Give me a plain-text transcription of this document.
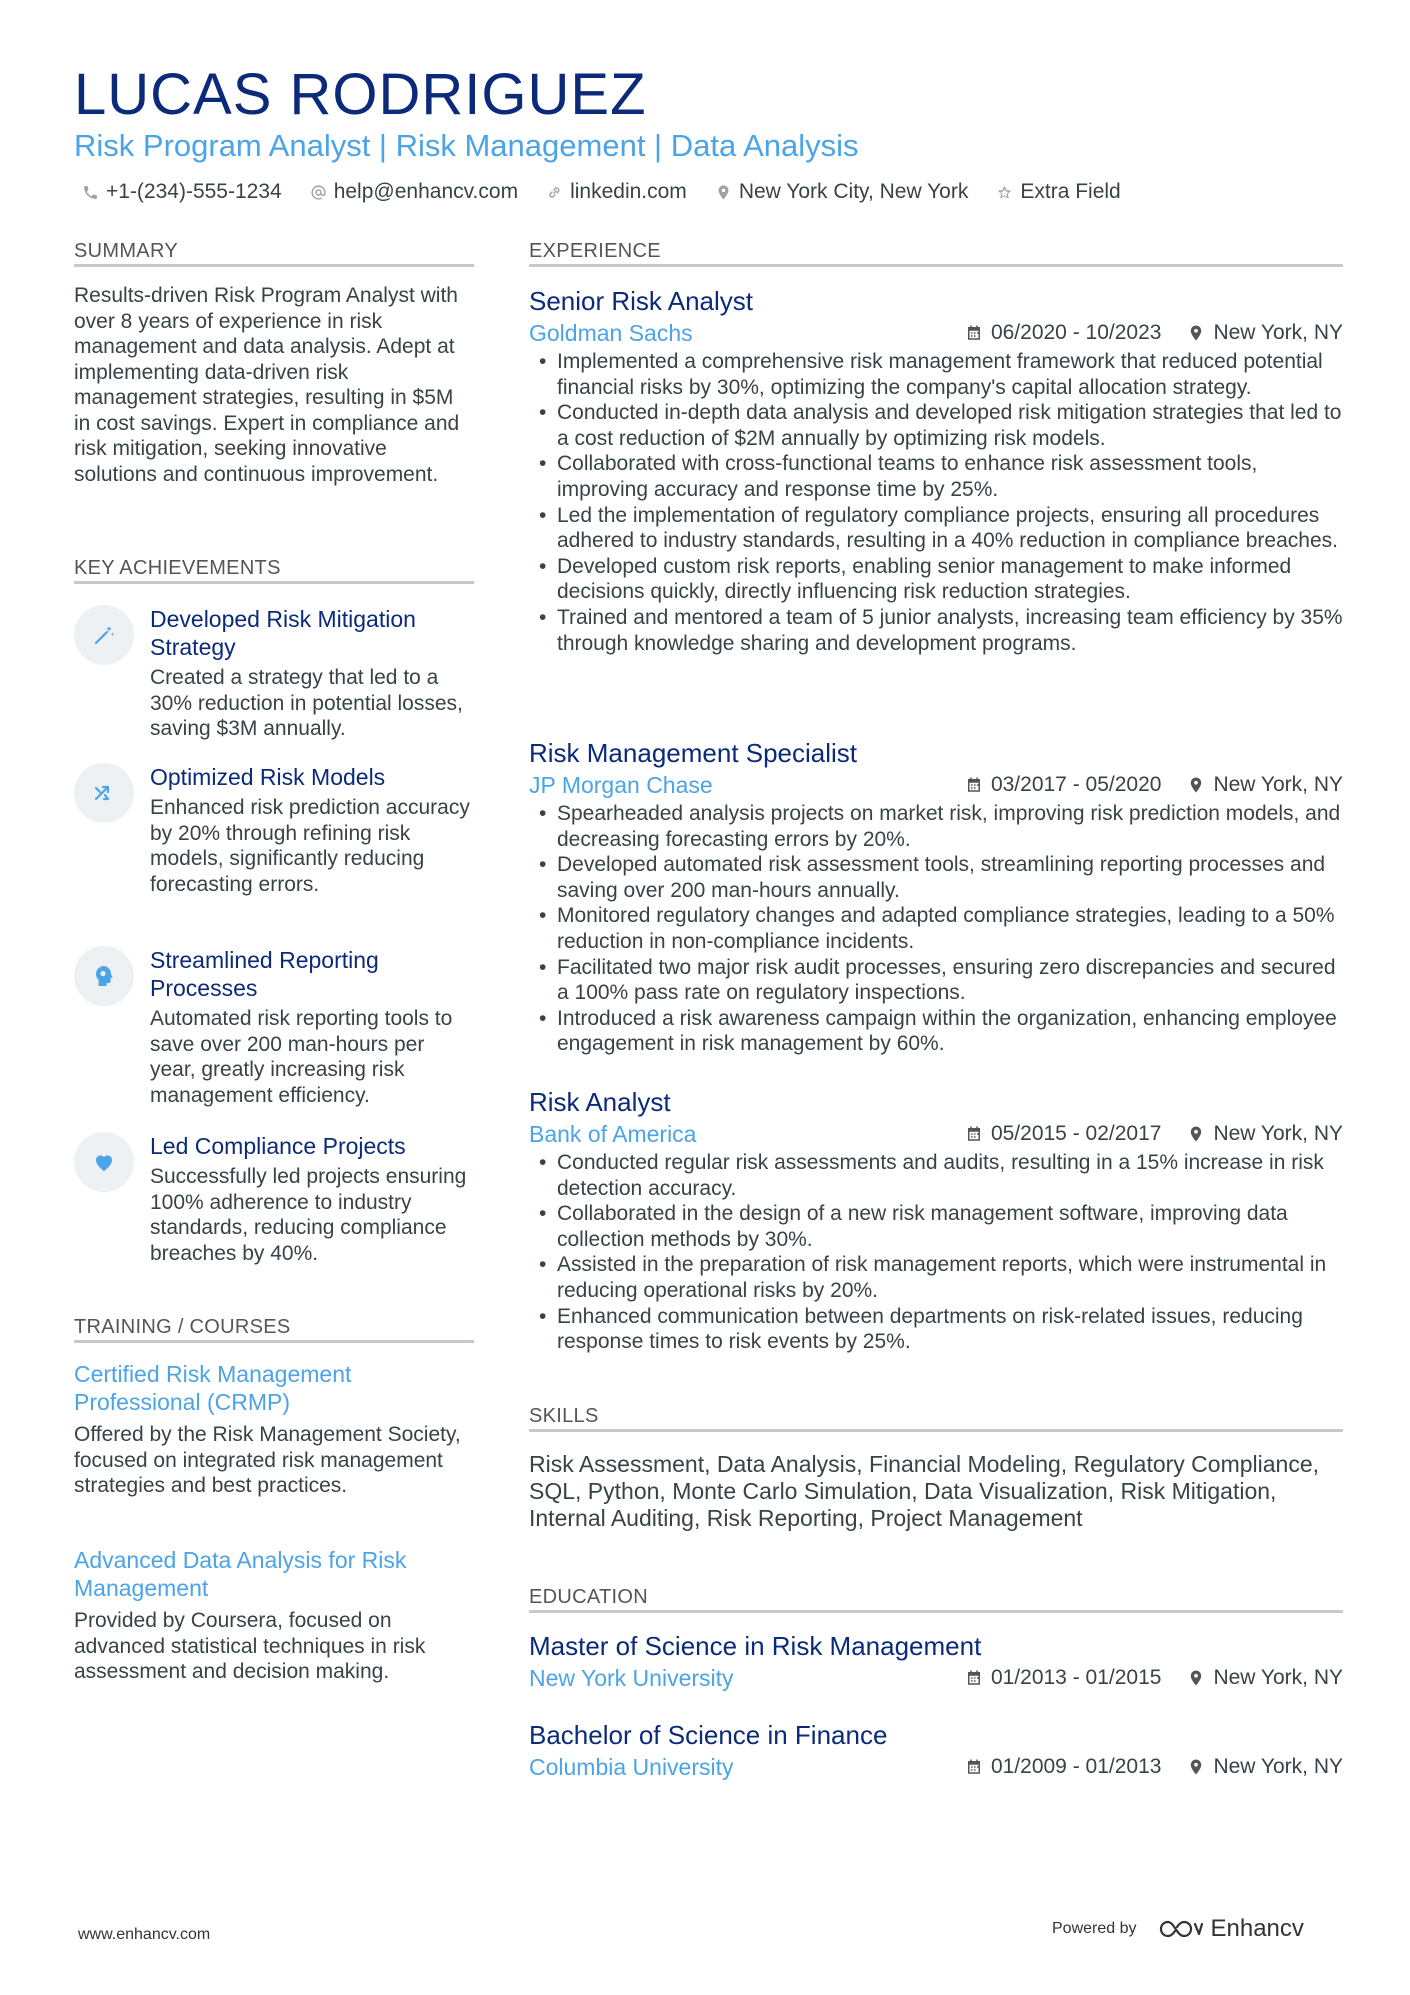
LUCAS RODRIGUEZ
Risk Program Analyst | Risk Management | Data Analysis
+1-(234)-555-1234 help@enhancv.com linkedin.com New York City, New York Extra Field
SUMMARY

Results-driven Risk Program Analyst with over 8 years of experience in risk management and data analysis. Adept at implementing data-driven risk management strategies, resulting in $5M in cost savings. Expert in compliance and risk mitigation, seeking innovative solutions and continuous improvement.

KEY ACHIEVEMENTS

Developed Risk Mitigation Strategy

Created a strategy that led to a 30% reduction in potential losses, saving $3M annually.

Optimized Risk Models

Enhanced risk prediction accuracy by 20% through refining risk models, significantly reducing forecasting errors.

Streamlined Reporting Processes

Automated risk reporting tools to save over 200 man-hours per year, greatly increasing risk management efficiency.

Led Compliance Projects

Successfully led projects ensuring 100% adherence to industry standards, reducing compliance breaches by 40%.

TRAINING / COURSES

Certified Risk Management Professional (CRMP)

Offered by the Risk Management Society, focused on integrated risk management strategies and best practices.

Advanced Data Analysis for Risk Management

Provided by Coursera, focused on advanced statistical techniques in risk assessment and decision making.

EXPERIENCE

Senior Risk Analyst

Goldman Sachs	06/2020 - 10/2023 New York, NY
• Implemented a comprehensive risk management framework that reduced potential financial risks by 30%, optimizing the company's capital allocation strategy.
• Conducted in-depth data analysis and developed risk mitigation strategies that led to a cost reduction of $2M annually by optimizing risk models.
• Collaborated with cross-functional teams to enhance risk assessment tools, improving accuracy and response time by 25%.
• Led the implementation of regulatory compliance projects, ensuring all procedures adhered to industry standards, resulting in a 40% reduction in compliance breaches.
• Developed custom risk reports, enabling senior management to make informed decisions quickly, directly influencing risk reduction strategies.
• Trained and mentored a team of 5 junior analysts, increasing team efficiency by 35% through knowledge sharing and development programs.

Risk Management Specialist

JP Morgan Chase	03/2017 - 05/2020 New York, NY
• Spearheaded analysis projects on market risk, improving risk prediction models, and decreasing forecasting errors by 20%.
• Developed automated risk assessment tools, streamlining reporting processes and saving over 200 man-hours annually.
• Monitored regulatory changes and adapted compliance strategies, leading to a 50% reduction in non-compliance incidents.
• Facilitated two major risk audit processes, ensuring zero discrepancies and secured a 100% pass rate on regulatory inspections.
• Introduced a risk awareness campaign within the organization, enhancing employee engagement in risk management by 60%.

Risk Analyst

Bank of America	05/2015 - 02/2017 New York, NY
• Conducted regular risk assessments and audits, resulting in a 15% increase in risk detection accuracy.
• Collaborated in the design of a new risk management software, improving data collection methods by 30%.
• Assisted in the preparation of risk management reports, which were instrumental in reducing operational risks by 20%.
• Enhanced communication between departments on risk-related issues, reducing response times to risk events by 25%.
SKILLS

Risk Assessment, Data Analysis, Financial Modeling, Regulatory Compliance, SQL, Python, Monte Carlo Simulation, Data Visualization, Risk Mitigation, Internal Auditing, Risk Reporting, Project Management

EDUCATION

Master of Science in Risk Management

New York University	01/2013 - 01/2015 New York, NY

Bachelor of Science in Finance

Columbia University	01/2009 - 01/2013 New York, NY
www.enhancv.com	Powered by	Enhancv
